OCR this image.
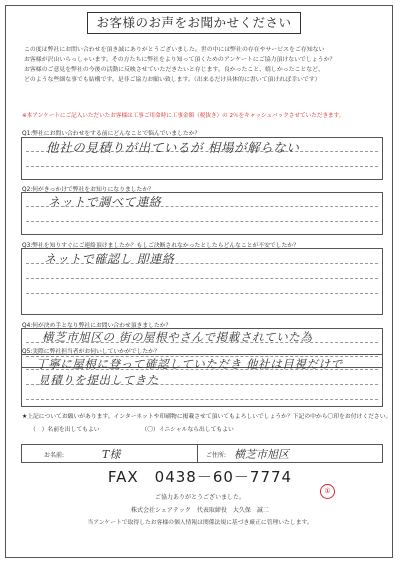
お客様のお声をお聞かせください

この度は弊社にお問い合わせを頂き誠にありがとうございました。世の中には弊社の存在やサービスをご存知ない

お客様が沢山いらっしゃいます。その方たちに弊社をより知って頂くためのアンケートにご協力頂けないでしょうか？

お客様のご意見を弊社の今後の活動に反映させていただきたいと存じます。良かったこと、嬉しかったことなど、

どのような些細な事でも結構です。是非ご協力お願い致します。（出来るだけ具体的に書いて頂ければ幸いです）

※本アンケートにご記入いただいたお客様は工事ご用命時に工事金額（税抜き）の 2％をキャッシュバックさせていただきます。
Q1:弊社にお問い合わせをする前にどんなことで悩んでいましたか？
他社の見積りが出ているが 相場が解らない
Q2:何がきっかけで弊社をお知りになりましたか？
ネットで調べて連絡
Q3:弊社を知りすぐにご連絡頂けましたか？もしご決断されなかったとしたらどんなことが不安でしたか？
ネットで確認し 即連絡
Q4:何が決め手となり弊社にお問い合わせ頂きましたか？
横芝市旭区の 街の屋根やさんで掲載されていた為
Q5:実際に弊社担当者がお伺いしていかがでしたか？
丁寧に屋根に登って確認していただき 他社は目視だけで
見積りを提出してきた
★上記についてお願いがあります。インターネットや印刷物に掲載させて頂いてもよろしいでしょうか？下記の中から〇印をお付けください。
（　）名前を出してもよい	（〇）イニシャルなら出してもよい
お名前:	T様	ご住所: 横芝市旭区
FAX　0438－60－7774
ご協力ありがとうございました。
株式会社シェアテック　代表取締役　大久保　誠二
当アンケートで取得したお客様の個人情報は関係法規に基づき厳正に管理いたします。
①
